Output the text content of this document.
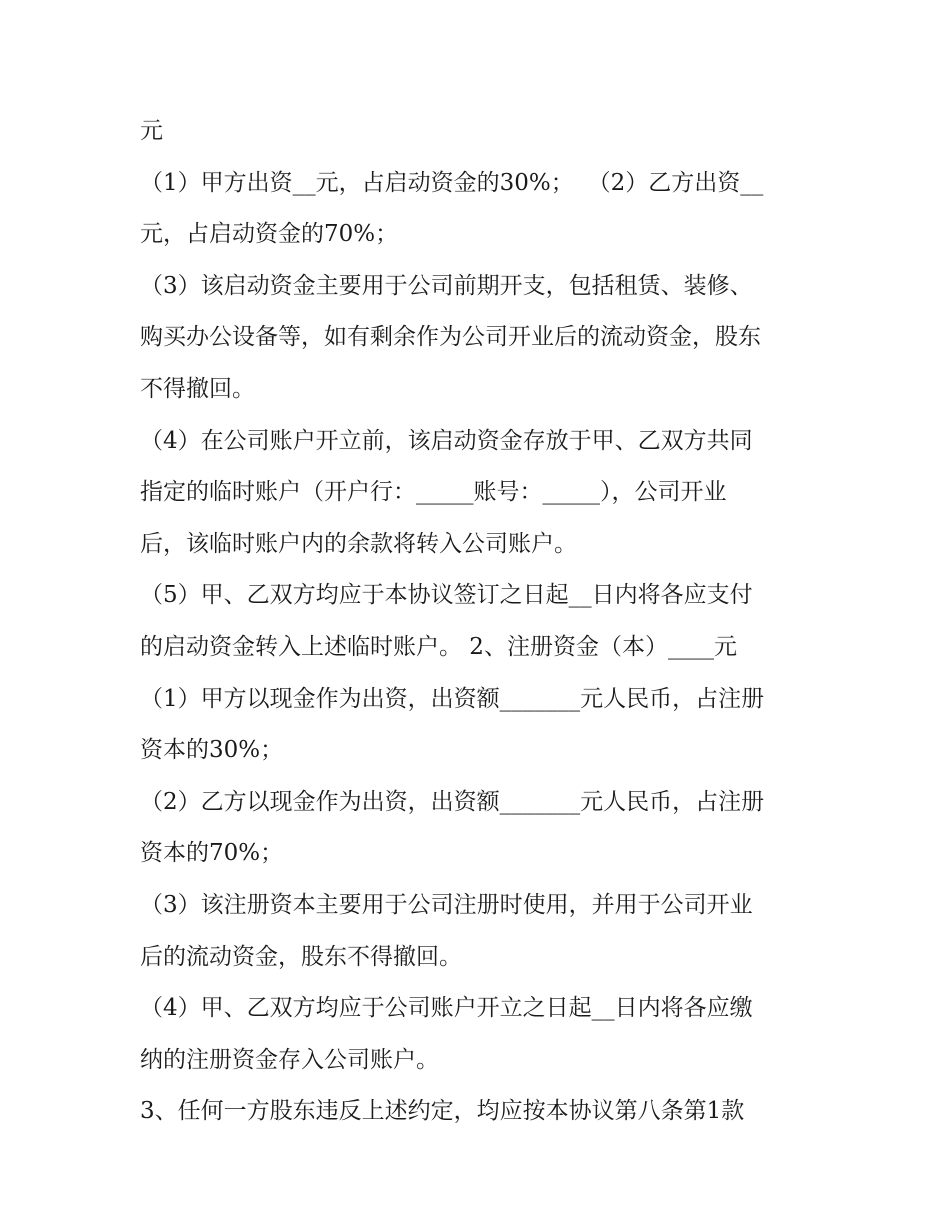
元
（1）甲方出资__元，占启动资金的30%； （2）乙方出资__
元，占启动资金的70%；
（3）该启动资金主要用于公司前期开支，包括租赁、装修、
购买办公设备等，如有剩余作为公司开业后的流动资金，股东
不得撤回。
（4）在公司账户开立前，该启动资金存放于甲、乙双方共同
指定的临时账户（开户行：_____账号：_____），公司开业
后，该临时账户内的余款将转入公司账户。
（5）甲、乙双方均应于本协议签订之日起__日内将各应支付
的启动资金转入上述临时账户。 2、注册资金（本）____元
（1）甲方以现金作为出资，出资额_______元人民币，占注册
资本的30%；
（2）乙方以现金作为出资，出资额_______元人民币，占注册
资本的70%；
（3）该注册资本主要用于公司注册时使用，并用于公司开业
后的流动资金，股东不得撤回。
（4）甲、乙双方均应于公司账户开立之日起__日内将各应缴
纳的注册资金存入公司账户。
3、任何一方股东违反上述约定，均应按本协议第八条第1款
